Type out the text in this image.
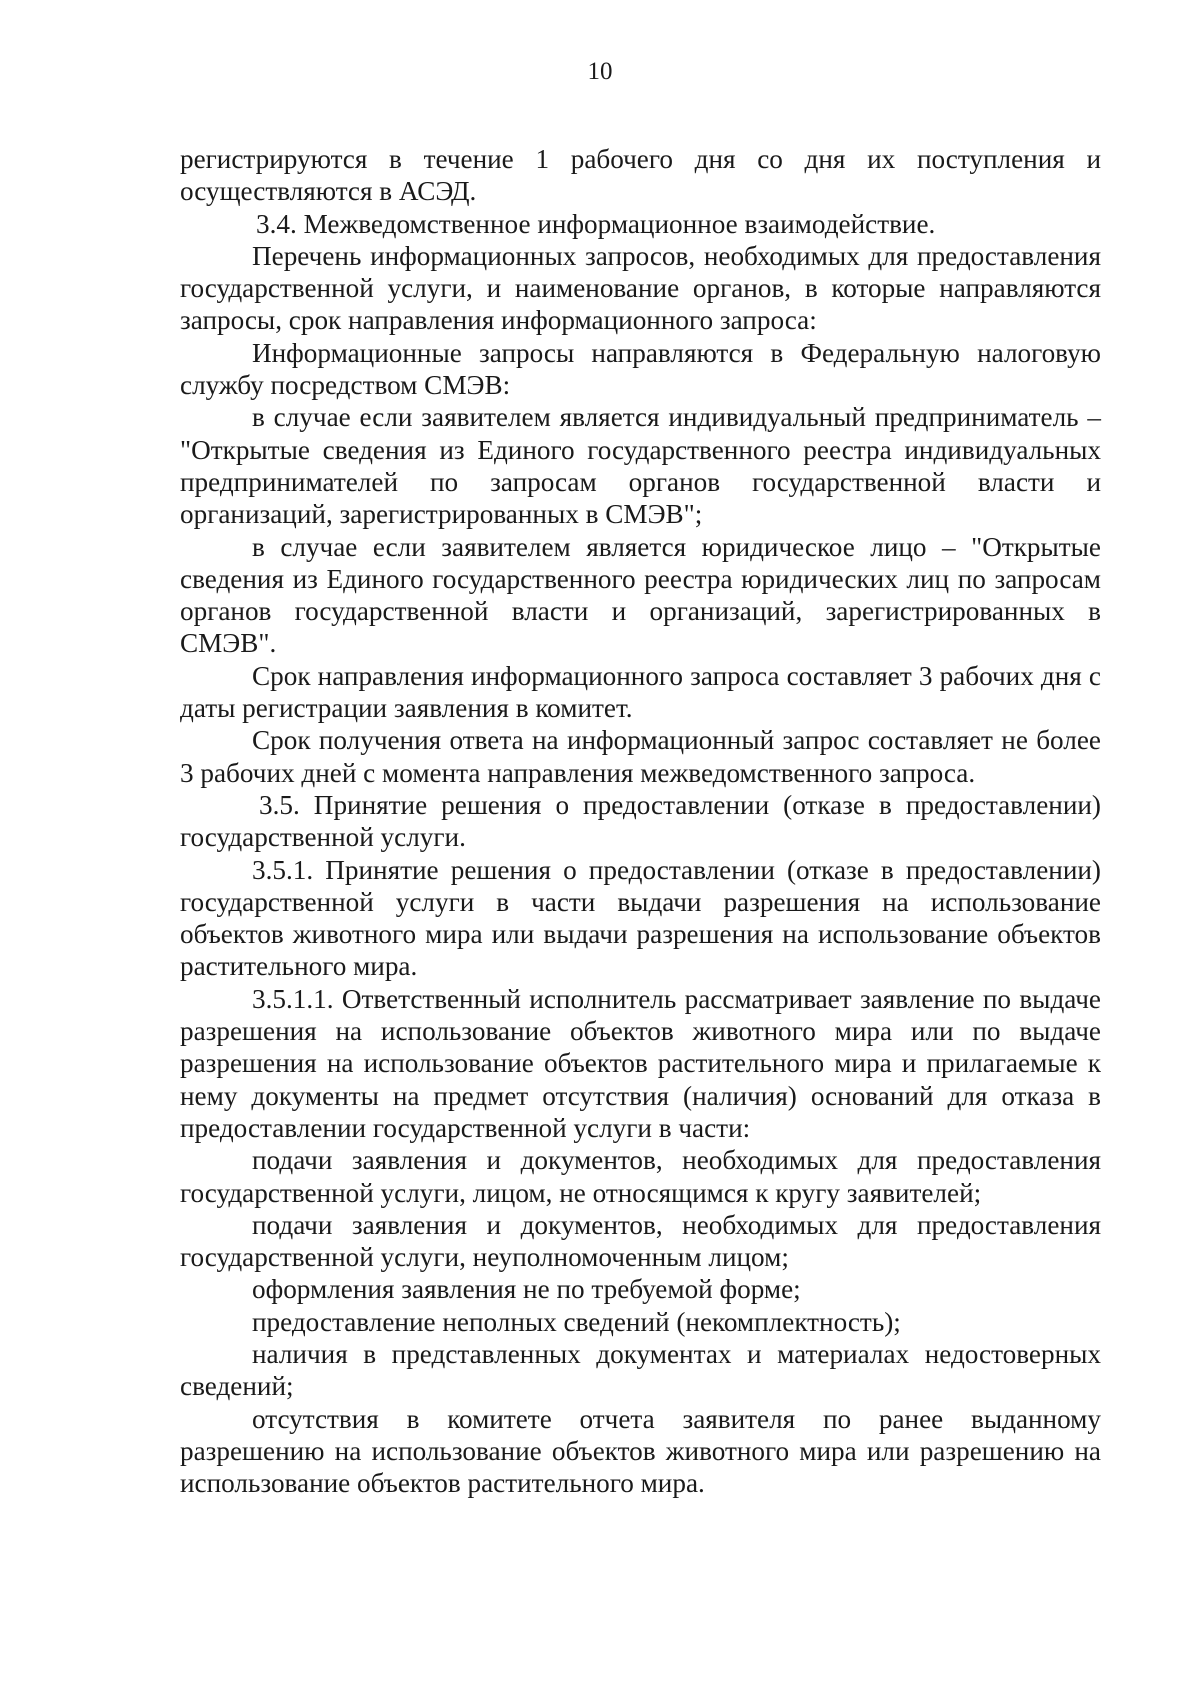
10

регистрируются в течение 1 рабочего дня со дня их поступления и осуществляются в АСЭД.

3.4. Межведомственное информационное взаимодействие.

Перечень информационных запросов, необходимых для предоставления государственной услуги, и наименование органов, в которые направляются запросы, срок направления информационного запроса:

Информационные запросы направляются в Федеральную налоговую службу посредством СМЭВ:

в случае если заявителем является индивидуальный предприниматель – "Открытые сведения из Единого государственного реестра индивидуальных предпринимателей по запросам органов государственной власти и организаций, зарегистрированных в СМЭВ";

в случае если заявителем является юридическое лицо – "Открытые сведения из Единого государственного реестра юридических лиц по запросам органов государственной власти и организаций, зарегистрированных в СМЭВ".

Срок направления информационного запроса составляет 3 рабочих дня с даты регистрации заявления в комитет.

Срок получения ответа на информационный запрос составляет не более 3 рабочих дней с момента направления межведомственного запроса.

3.5. Принятие решения о предоставлении (отказе в предоставлении) государственной услуги.

3.5.1. Принятие решения о предоставлении (отказе в предоставлении) государственной услуги в части выдачи разрешения на использование объектов животного мира или выдачи разрешения на использование объектов растительного мира.

3.5.1.1. Ответственный исполнитель рассматривает заявление по выдаче разрешения на использование объектов животного мира или по выдаче разрешения на использование объектов растительного мира и прилагаемые к нему документы на предмет отсутствия (наличия) оснований для отказа в предоставлении государственной услуги в части:

подачи заявления и документов, необходимых для предоставления государственной услуги, лицом, не относящимся к кругу заявителей;

подачи заявления и документов, необходимых для предоставления государственной услуги, неуполномоченным лицом;

оформления заявления не по требуемой форме;

предоставление неполных сведений (некомплектность);

наличия в представленных документах и материалах недостоверных сведений;

отсутствия в комитете отчета заявителя по ранее выданному разрешению на использование объектов животного мира или разрешению на использование объектов растительного мира.
